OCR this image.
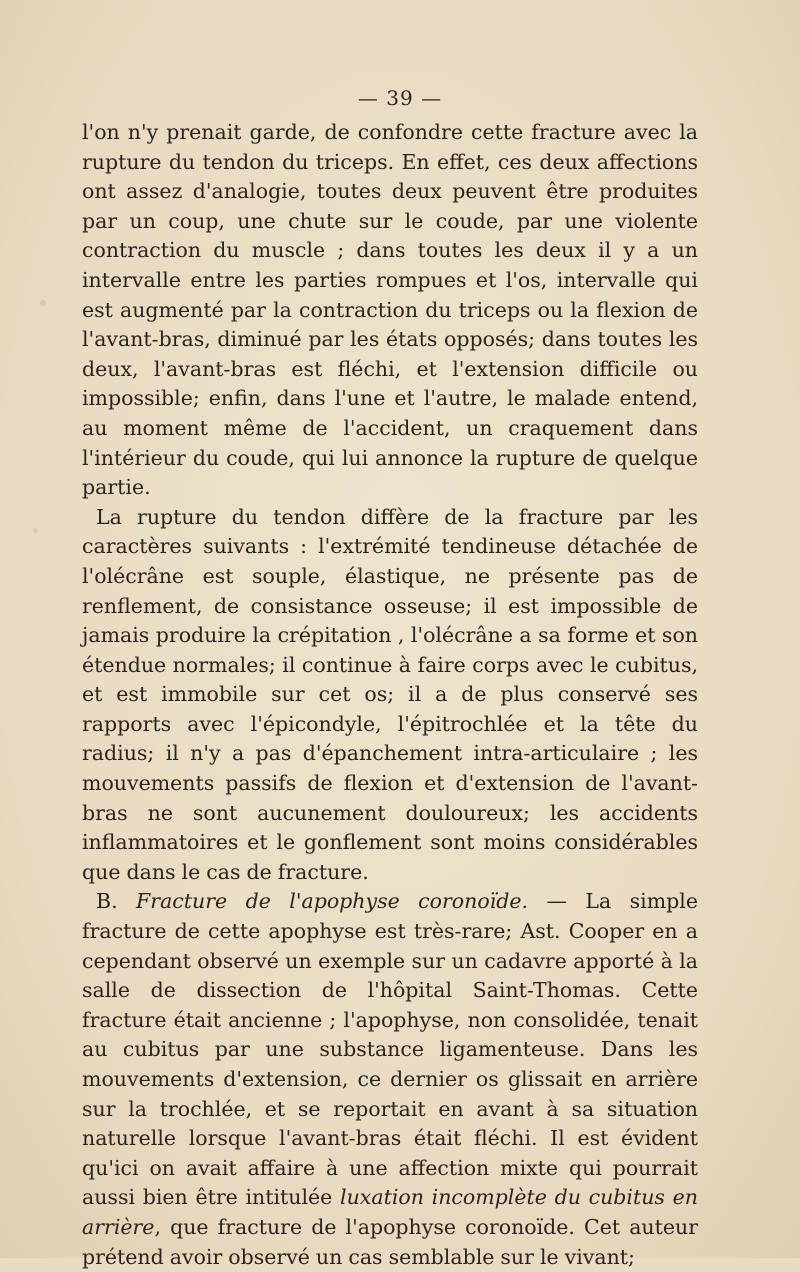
— 39 —

l'on n'y prenait garde, de confondre cette fracture avec la rupture du tendon du triceps. En effet, ces deux affections ont assez d'analogie, toutes deux peuvent être produites par un coup, une chute sur le coude, par une violente contraction du muscle ; dans toutes les deux il y a un intervalle entre les parties rompues et l'os, intervalle qui est augmenté par la contraction du triceps ou la flexion de l'avant-bras, diminué par les états opposés; dans toutes les deux, l'avant-bras est fléchi, et l'extension difficile ou impossible; enfin, dans l'une et l'autre, le malade entend, au moment même de l'accident, un craquement dans l'intérieur du coude, qui lui annonce la rupture de quelque partie.

La rupture du tendon diffère de la fracture par les caractères suivants : l'extrémité tendineuse détachée de l'olécrâne est souple, élastique, ne présente pas de renflement, de consistance osseuse; il est impossible de jamais produire la crépitation , l'olécrâne a sa forme et son étendue normales; il continue à faire corps avec le cubitus, et est immobile sur cet os; il a de plus conservé ses rapports avec l'épicondyle, l'épitrochlée et la tête du radius; il n'y a pas d'épanchement intra-articulaire ; les mouvements passifs de flexion et d'extension de l'avant-bras ne sont aucunement douloureux; les accidents inflammatoires et le gonflement sont moins considérables que dans le cas de fracture.

B. Fracture de l'apophyse coronoïde. — La simple fracture de cette apophyse est très-rare; Ast. Cooper en a cependant observé un exemple sur un cadavre apporté à la salle de dissection de l'hôpital Saint-Thomas. Cette fracture était ancienne ; l'apophyse, non consolidée, tenait au cubitus par une substance ligamenteuse. Dans les mouvements d'extension, ce dernier os glissait en arrière sur la trochlée, et se reportait en avant à sa situation naturelle lorsque l'avant-bras était fléchi. Il est évident qu'ici on avait affaire à une affection mixte qui pourrait aussi bien être intitulée luxation incomplète du cubitus en arrière, que fracture de l'apophyse coronoïde. Cet auteur prétend avoir observé un cas semblable sur le vivant;
